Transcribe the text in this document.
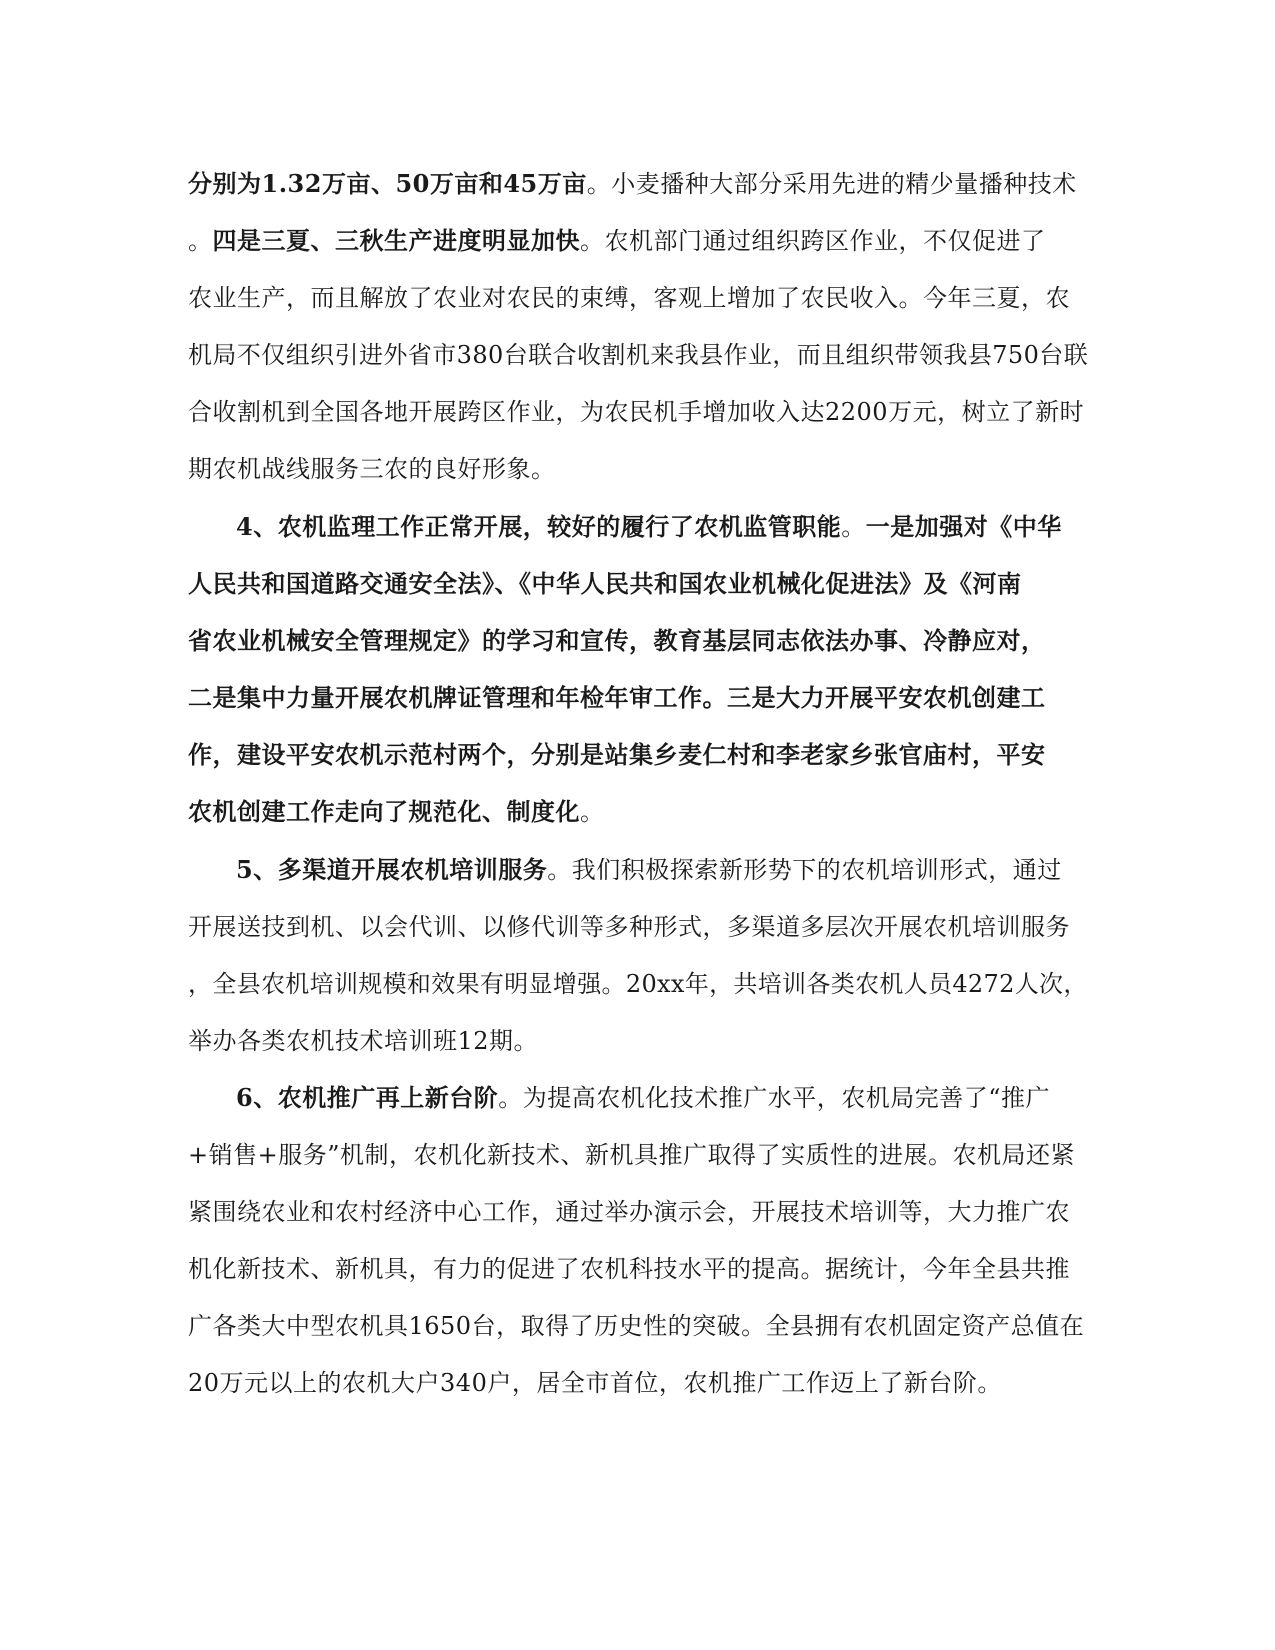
分别为1.32万亩、50万亩和45万亩。小麦播种大部分采用先进的精少量播种技术
。四是三夏、三秋生产进度明显加快。农机部门通过组织跨区作业，不仅促进了
农业生产，而且解放了农业对农民的束缚，客观上增加了农民收入。今年三夏，农
机局不仅组织引进外省市380台联合收割机来我县作业，而且组织带领我县750台联
合收割机到全国各地开展跨区作业，为农民机手增加收入达2200万元，树立了新时
期农机战线服务三农的良好形象。
4、农机监理工作正常开展，较好的履行了农机监管职能。一是加强对《中华
人民共和国道路交通安全法》、《中华人民共和国农业机械化促进法》及《河南
省农业机械安全管理规定》的学习和宣传，教育基层同志依法办事、冷静应对，
二是集中力量开展农机牌证管理和年检年审工作。三是大力开展平安农机创建工
作，建设平安农机示范村两个，分别是站集乡麦仁村和李老家乡张官庙村，平安
农机创建工作走向了规范化、制度化。
5、多渠道开展农机培训服务。我们积极探索新形势下的农机培训形式，通过
开展送技到机、以会代训、以修代训等多种形式，多渠道多层次开展农机培训服务
，全县农机培训规模和效果有明显增强。20xx年，共培训各类农机人员4272人次，
举办各类农机技术培训班12期。
6、农机推广再上新台阶。为提高农机化技术推广水平，农机局完善了“推广
+销售+服务”机制，农机化新技术、新机具推广取得了实质性的进展。农机局还紧
紧围绕农业和农村经济中心工作，通过举办演示会，开展技术培训等，大力推广农
机化新技术、新机具，有力的促进了农机科技水平的提高。据统计，今年全县共推
广各类大中型农机具1650台，取得了历史性的突破。全县拥有农机固定资产总值在
20万元以上的农机大户340户，居全市首位，农机推广工作迈上了新台阶。
